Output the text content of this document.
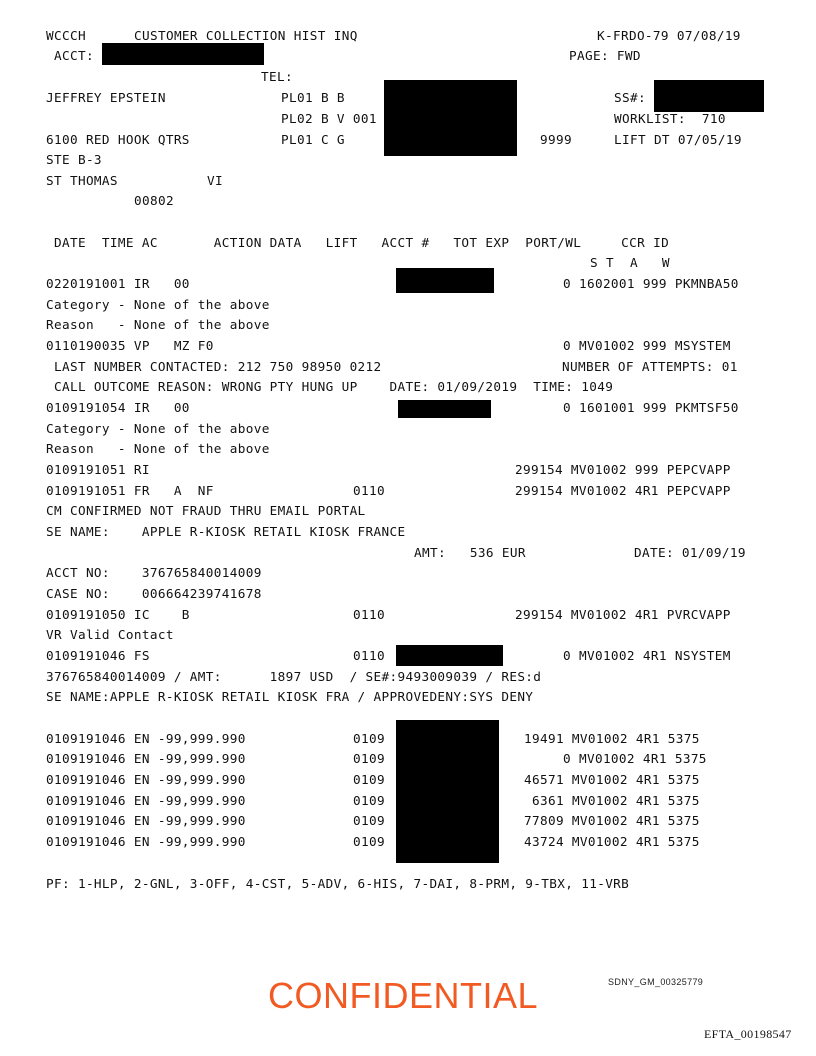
WCCCH	CUSTOMER COLLECTION HIST INQ	K-FRDO-79 07/08/19
ACCT:	PAGE: FWD
TEL:
JEFFREY EPSTEIN	PL01 B B
PL02 B V 001
PL01 C G
SS#:
WORKLIST:  710
6100 RED HOOK QTRS	9999	LIFT DT 07/05/19
STE B-3
ST THOMAS	VI
00802
DATE  TIME AC       ACTION DATA   LIFT   ACCT #   TOT EXP  PORT/WL     CCR ID
S T  A   W
0220191001 IR   00	0 1602001 999 PKMNBA50
Category - None of the above
Reason   - None of the above
0110190035 VP   MZ F0	0 MV01002 999 MSYSTEM
LAST NUMBER CONTACTED: 212 750 98950 0212	NUMBER OF ATTEMPTS: 01
CALL OUTCOME REASON: WRONG PTY HUNG UP    DATE: 01/09/2019  TIME: 1049
0109191054 IR   00	0 1601001 999 PKMTSF50
Category - None of the above
Reason   - None of the above
0109191051 RI	299154 MV01002 999 PEPCVAPP
0109191051 FR   A  NF	0110	299154 MV01002 4R1 PEPCVAPP
CM CONFIRMED NOT FRAUD THRU EMAIL PORTAL
SE NAME:    APPLE R-KIOSK RETAIL KIOSK FRANCE
AMT:   536 EUR	DATE: 01/09/19
ACCT NO:    376765840014009
CASE NO:    006664239741678
0109191050 IC    B	0110	299154 MV01002 4R1 PVRCVAPP
VR Valid Contact
0109191046 FS	0110	0 MV01002 4R1 NSYSTEM
376765840014009 / AMT:      1897 USD  / SE#:9493009039 / RES:d
SE NAME:APPLE R-KIOSK RETAIL KIOSK FRA / APPROVEDENY:SYS DENY
0109191046 EN -99,999.990	0109	19491 MV01002 4R1 5375
0109191046 EN -99,999.990	0109	0 MV01002 4R1 5375
0109191046 EN -99,999.990	0109	46571 MV01002 4R1 5375
0109191046 EN -99,999.990	0109	6361 MV01002 4R1 5375
0109191046 EN -99,999.990	0109	77809 MV01002 4R1 5375
0109191046 EN -99,999.990	0109	43724 MV01002 4R1 5375
PF: 1-HLP, 2-GNL, 3-OFF, 4-CST, 5-ADV, 6-HIS, 7-DAI, 8-PRM, 9-TBX, 11-VRB
CONFIDENTIAL	SDNY_GM_00325779
EFTA_00198547
